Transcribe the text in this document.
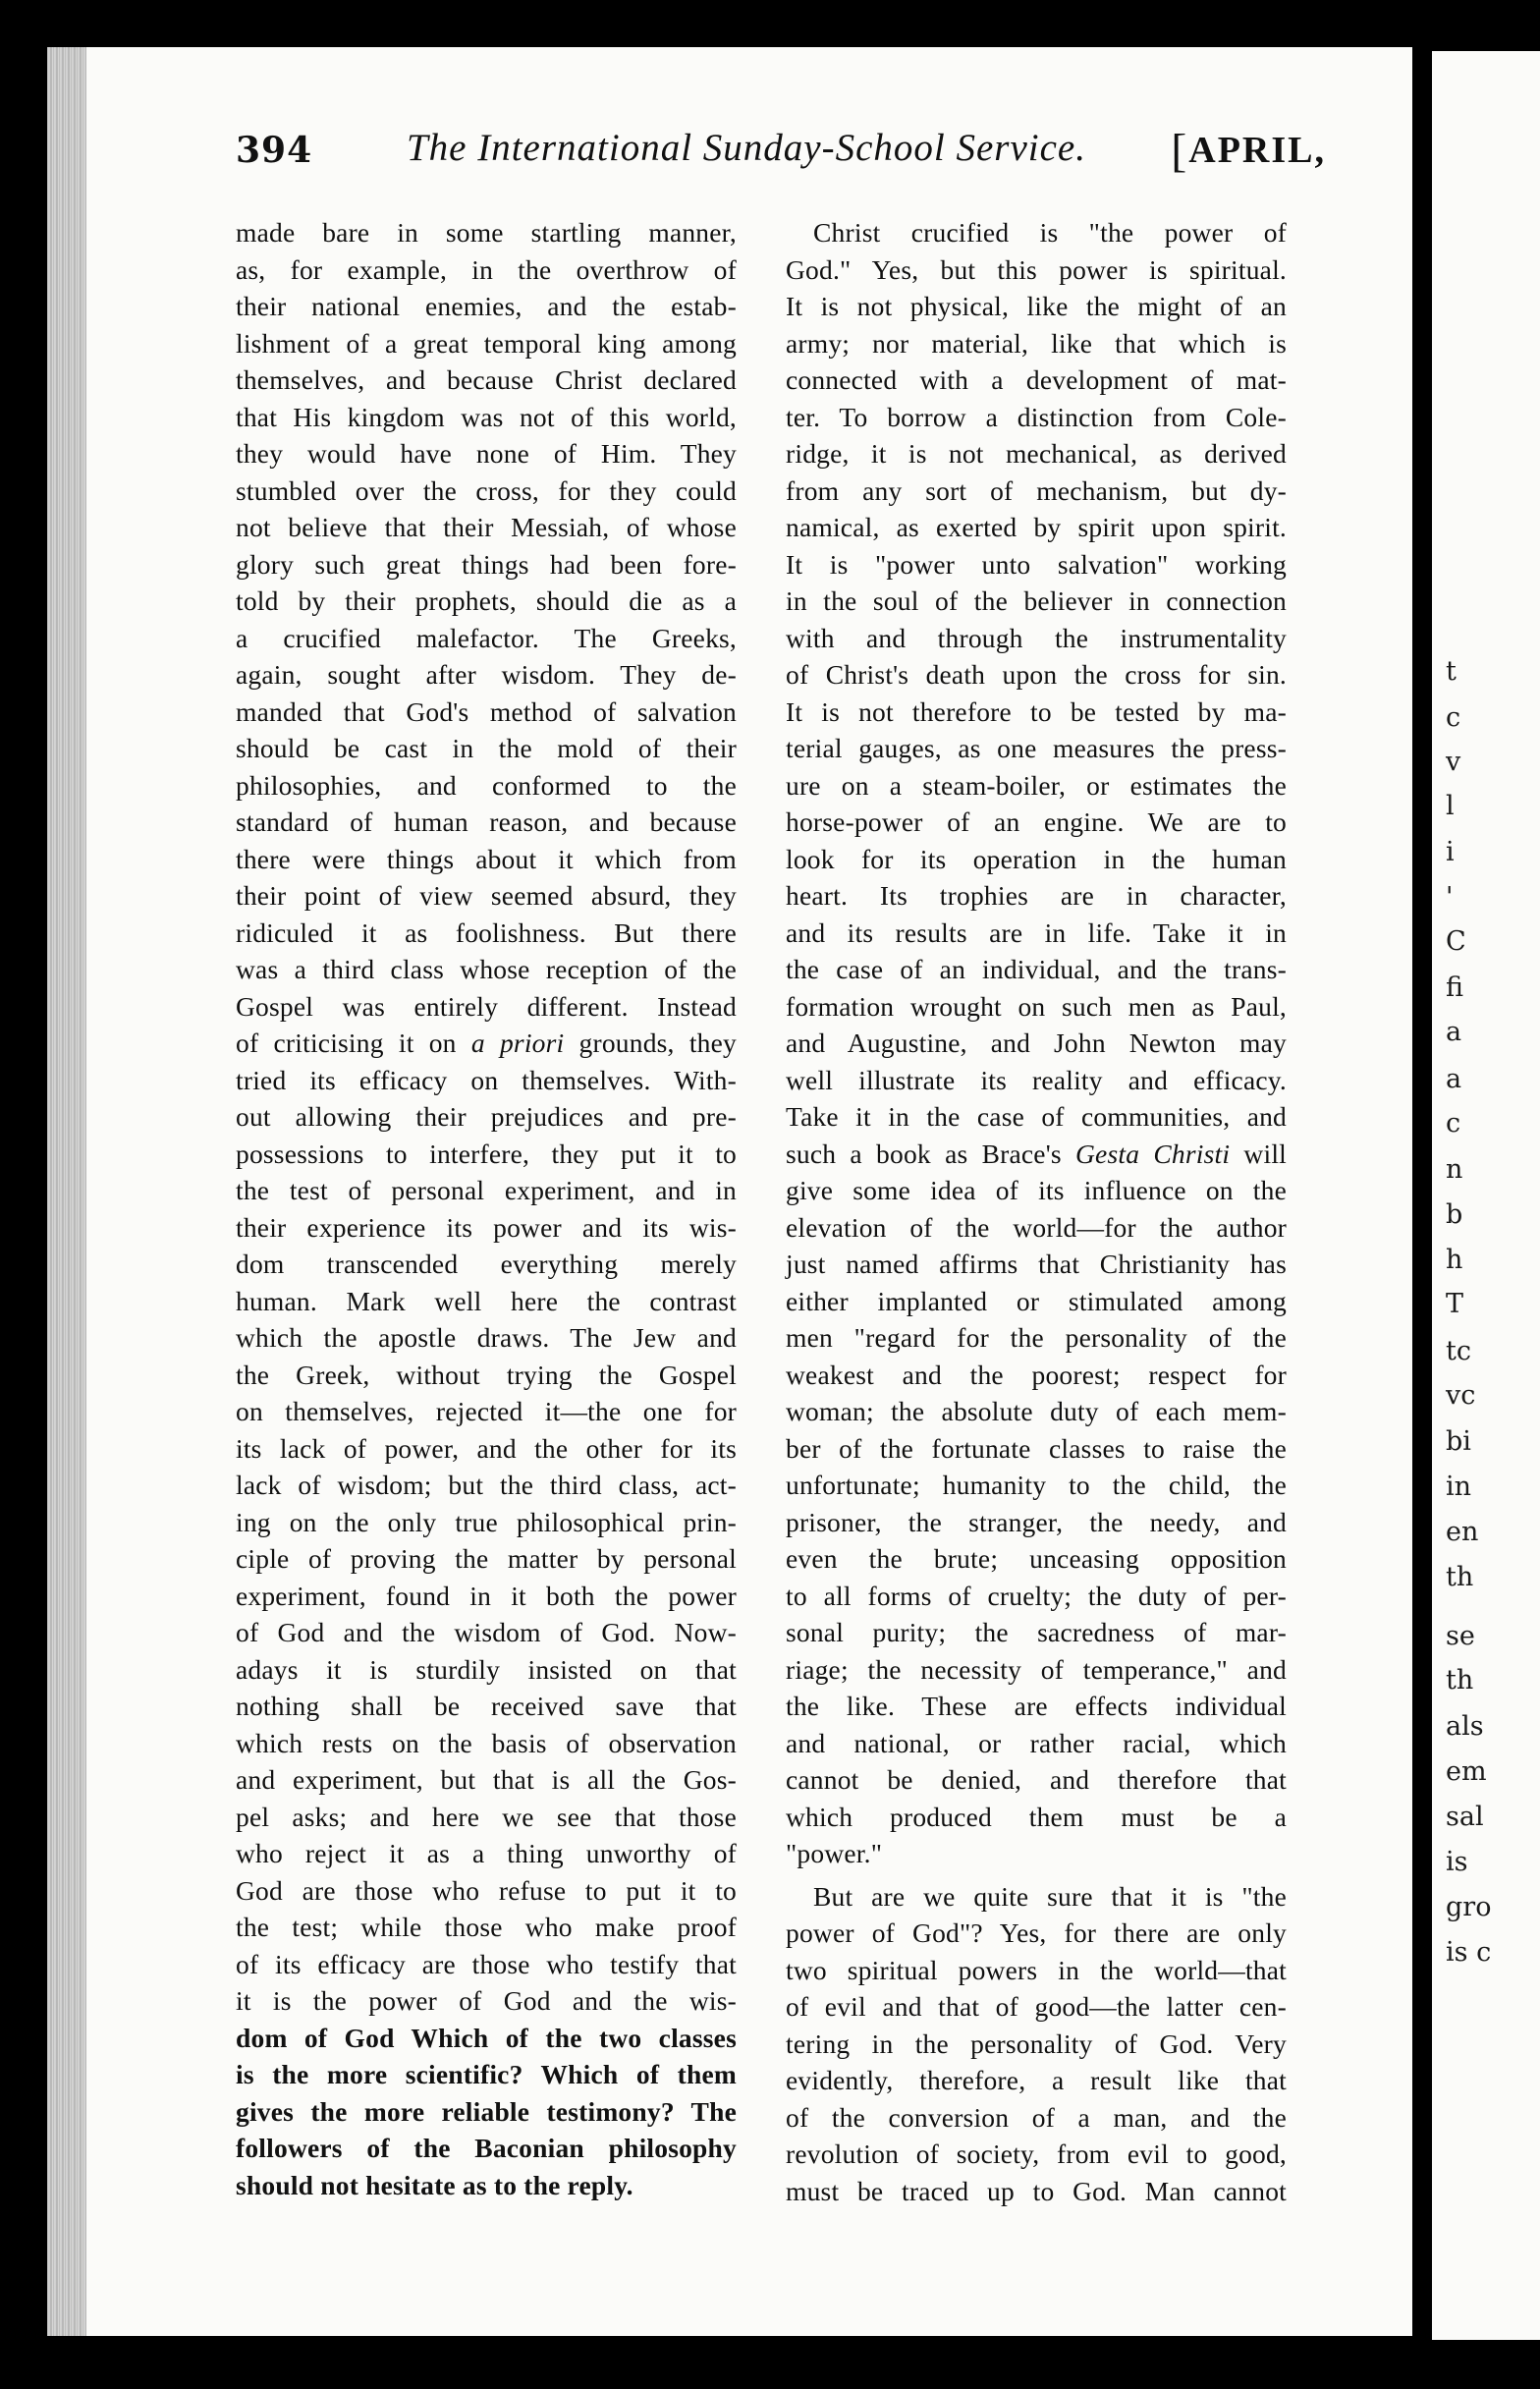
394	The International Sunday-School Service.	[APRIL,
made bare in some startling manner,
as, for example, in the overthrow of
their national enemies, and the estab-
lishment of a great temporal king among
themselves, and because Christ declared
that His kingdom was not of this world,
they would have none of Him. They
stumbled over the cross, for they could
not believe that their Messiah, of whose
glory such great things had been fore-
told by their prophets, should die as a
a crucified malefactor. The Greeks,
again, sought after wisdom. They de-
manded that God's method of salvation
should be cast in the mold of their
philosophies, and conformed to the
standard of human reason, and because
there were things about it which from
their point of view seemed absurd, they
ridiculed it as foolishness. But there
was a third class whose reception of the
Gospel was entirely different. Instead
of criticising it on a priori grounds, they
tried its efficacy on themselves. With-
out allowing their prejudices and pre-
possessions to interfere, they put it to
the test of personal experiment, and in
their experience its power and its wis-
dom transcended everything merely
human. Mark well here the contrast
which the apostle draws. The Jew and
the Greek, without trying the Gospel
on themselves, rejected it—the one for
its lack of power, and the other for its
lack of wisdom; but the third class, act-
ing on the only true philosophical prin-
ciple of proving the matter by personal
experiment, found in it both the power
of God and the wisdom of God. Now-
adays it is sturdily insisted on that
nothing shall be received save that
which rests on the basis of observation
and experiment, but that is all the Gos-
pel asks; and here we see that those
who reject it as a thing unworthy of
God are those who refuse to put it to
the test; while those who make proof
of its efficacy are those who testify that
it is the power of God and the wis-
dom of God Which of the two classes
is the more scientific? Which of them
gives the more reliable testimony? The
followers of the Baconian philosophy
should not hesitate as to the reply.
Christ crucified is "the power of
God." Yes, but this power is spiritual.
It is not physical, like the might of an
army; nor material, like that which is
connected with a development of mat-
ter. To borrow a distinction from Cole-
ridge, it is not mechanical, as derived
from any sort of mechanism, but dy-
namical, as exerted by spirit upon spirit.
It is "power unto salvation" working
in the soul of the believer in connection
with and through the instrumentality
of Christ's death upon the cross for sin.
It is not therefore to be tested by ma-
terial gauges, as one measures the press-
ure on a steam-boiler, or estimates the
horse-power of an engine. We are to
look for its operation in the human
heart. Its trophies are in character,
and its results are in life. Take it in
the case of an individual, and the trans-
formation wrought on such men as Paul,
and Augustine, and John Newton may
well illustrate its reality and efficacy.
Take it in the case of communities, and
such a book as Brace's Gesta Christi will
give some idea of its influence on the
elevation of the world—for the author
just named affirms that Christianity has
either implanted or stimulated among
men "regard for the personality of the
weakest and the poorest; respect for
woman; the absolute duty of each mem-
ber of the fortunate classes to raise the
unfortunate; humanity to the child, the
prisoner, the stranger, the needy, and
even the brute; unceasing opposition
to all forms of cruelty; the duty of per-
sonal purity; the sacredness of mar-
riage; the necessity of temperance," and
the like. These are effects individual
and national, or rather racial, which
cannot be denied, and therefore that
which produced them must be a
"power."
But are we quite sure that it is "the
power of God"? Yes, for there are only
two spiritual powers in the world—that
of evil and that of good—the latter cen-
tering in the personality of God. Very
evidently, therefore, a result like that
of the conversion of a man, and the
revolution of society, from evil to good,
must be traced up to God. Man cannot
t
c
v
l
i
'
C
fi
a
a
c
n
b
h
T
tc
vc
bi
in
en
th
se
th
als
em
sal
is
gro
is c
